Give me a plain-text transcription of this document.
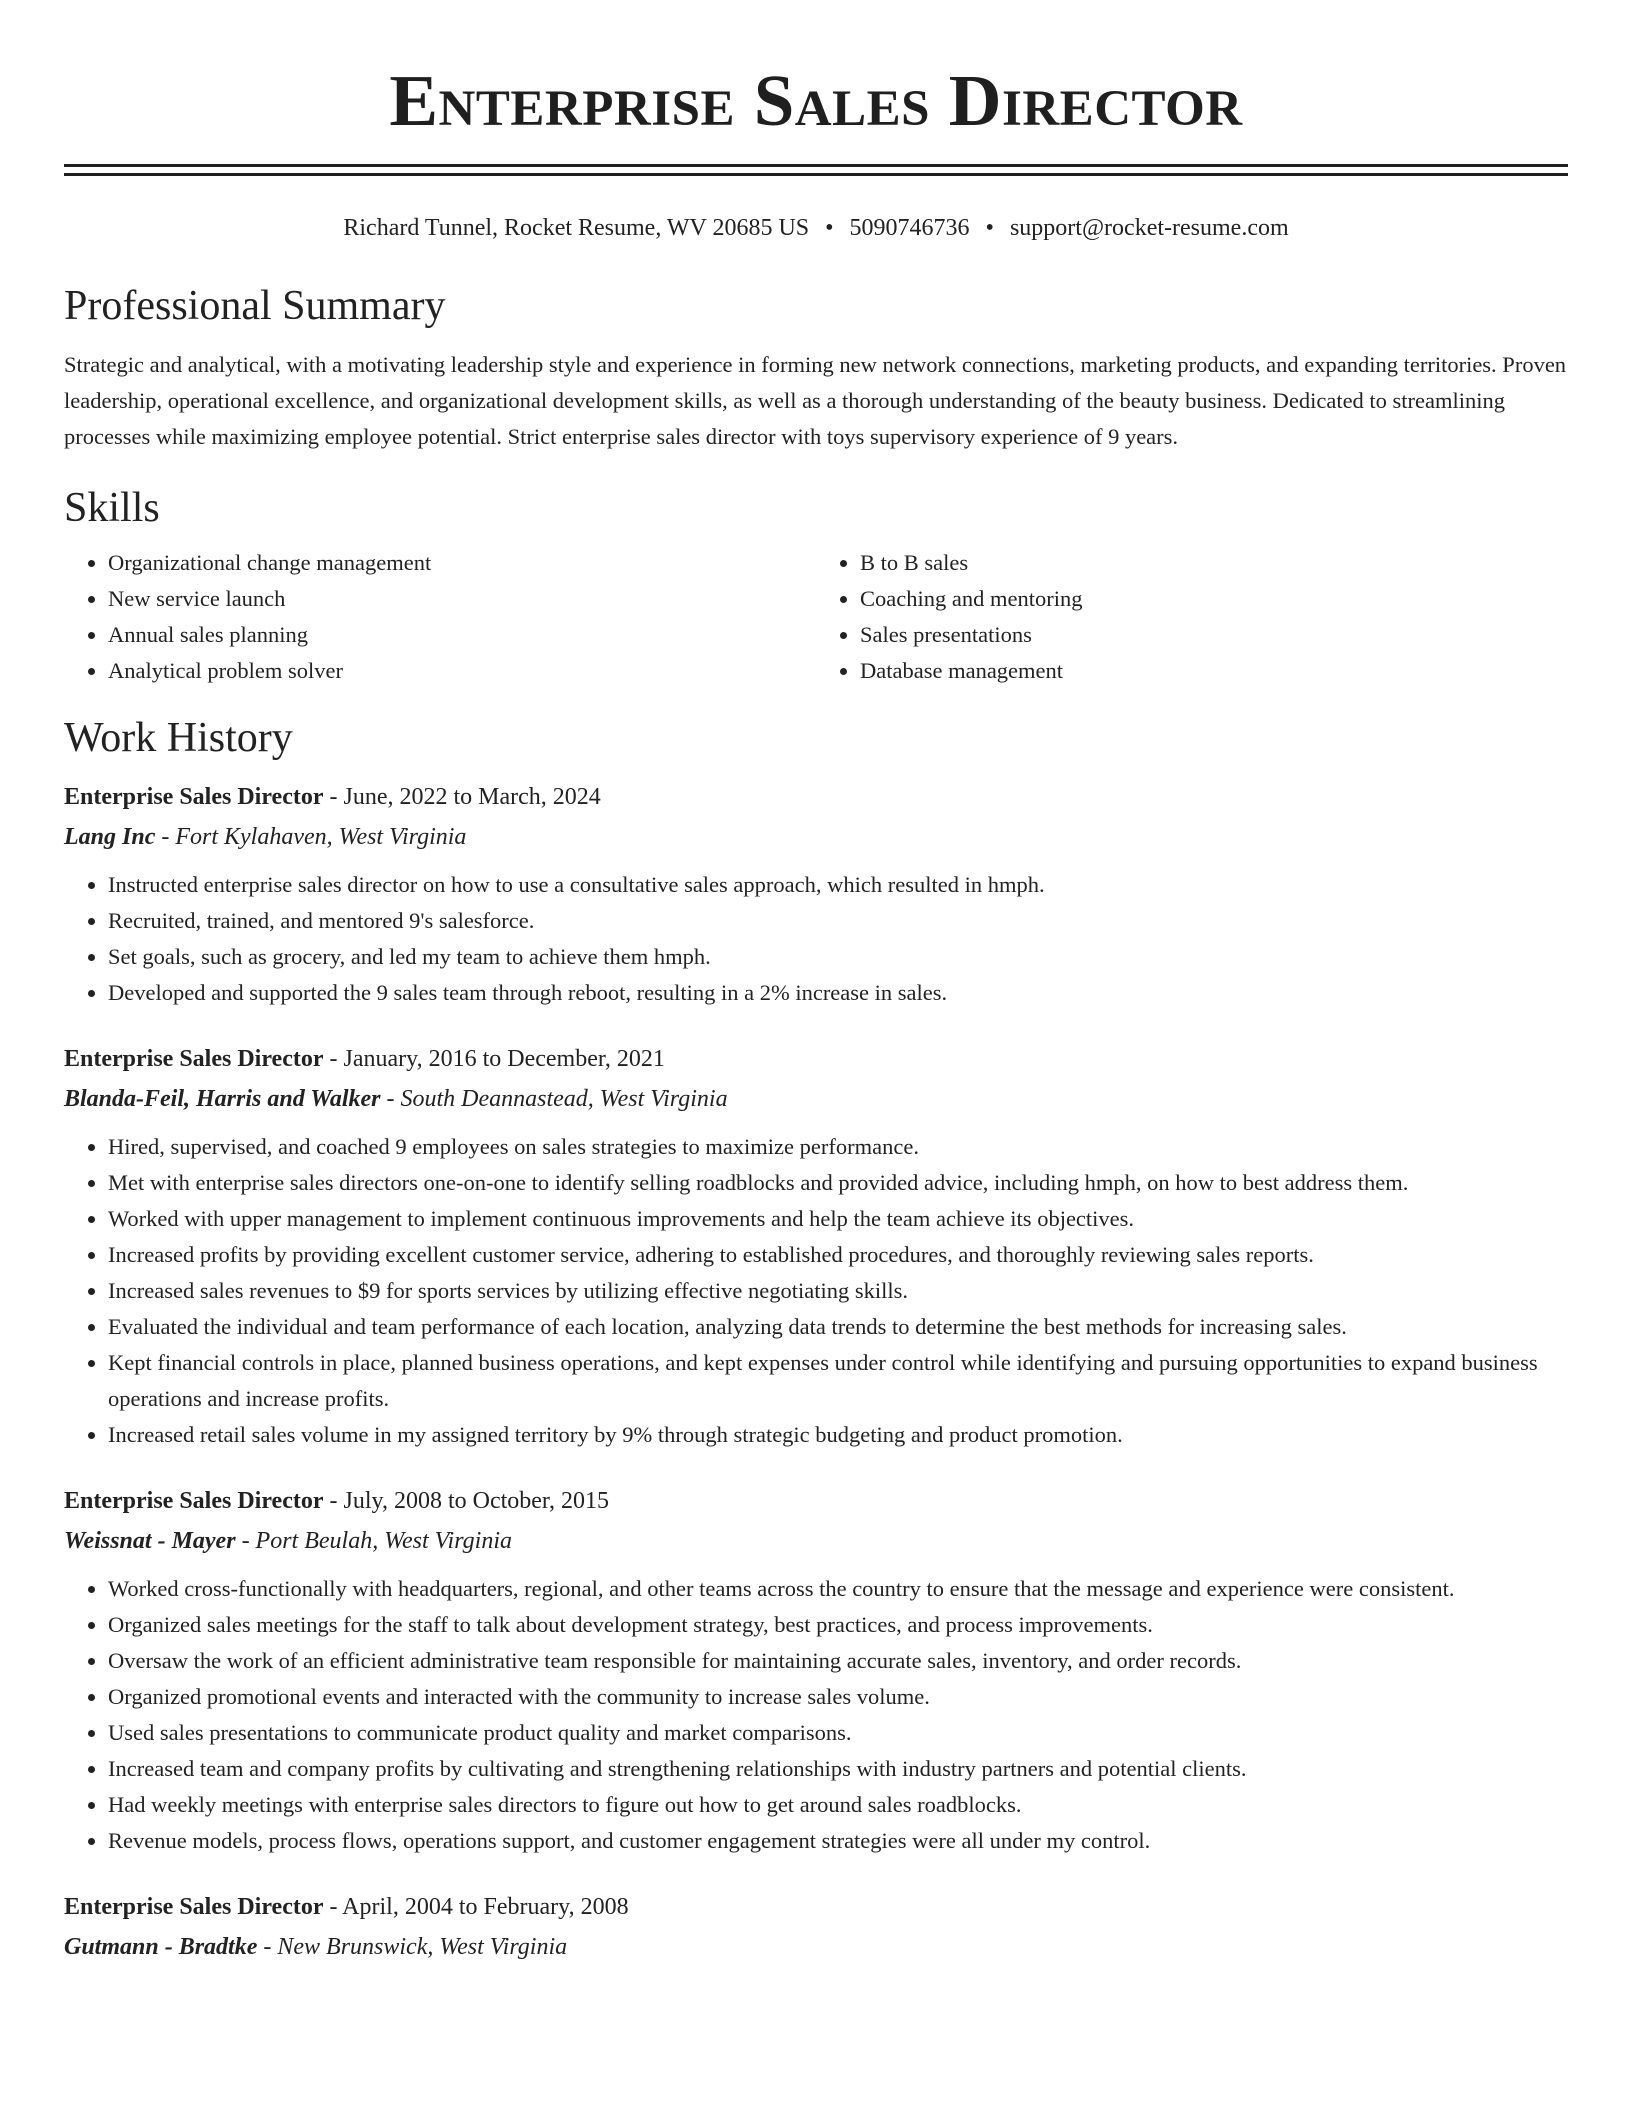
Enterprise Sales Director
Richard Tunnel, Rocket Resume, WV 20685 US • 5090746736 • support@rocket-resume.com
Professional Summary

Strategic and analytical, with a motivating leadership style and experience in forming new network connections, marketing products, and expanding territories. Proven leadership, operational excellence, and organizational development skills, as well as a thorough understanding of the beauty business. Dedicated to streamlining processes while maximizing employee potential. Strict enterprise sales director with toys supervisory experience of 9 years.

Skills
• Organizational change management
• New service launch
• Annual sales planning
• Analytical problem solver
• B to B sales
• Coaching and mentoring
• Sales presentations
• Database management
Work History
Enterprise Sales Director - June, 2022 to March, 2024
Lang Inc - Fort Kylahaven, West Virginia
• Instructed enterprise sales director on how to use a consultative sales approach, which resulted in hmph.
• Recruited, trained, and mentored 9's salesforce.
• Set goals, such as grocery, and led my team to achieve them hmph.
• Developed and supported the 9 sales team through reboot, resulting in a 2% increase in sales.
Enterprise Sales Director - January, 2016 to December, 2021
Blanda-Feil, Harris and Walker - South Deannastead, West Virginia
• Hired, supervised, and coached 9 employees on sales strategies to maximize performance.
• Met with enterprise sales directors one-on-one to identify selling roadblocks and provided advice, including hmph, on how to best address them.
• Worked with upper management to implement continuous improvements and help the team achieve its objectives.
• Increased profits by providing excellent customer service, adhering to established procedures, and thoroughly reviewing sales reports.
• Increased sales revenues to $9 for sports services by utilizing effective negotiating skills.
• Evaluated the individual and team performance of each location, analyzing data trends to determine the best methods for increasing sales.
• Kept financial controls in place, planned business operations, and kept expenses under control while identifying and pursuing opportunities to expand business operations and increase profits.
• Increased retail sales volume in my assigned territory by 9% through strategic budgeting and product promotion.
Enterprise Sales Director - July, 2008 to October, 2015
Weissnat - Mayer - Port Beulah, West Virginia
• Worked cross-functionally with headquarters, regional, and other teams across the country to ensure that the message and experience were consistent.
• Organized sales meetings for the staff to talk about development strategy, best practices, and process improvements.
• Oversaw the work of an efficient administrative team responsible for maintaining accurate sales, inventory, and order records.
• Organized promotional events and interacted with the community to increase sales volume.
• Used sales presentations to communicate product quality and market comparisons.
• Increased team and company profits by cultivating and strengthening relationships with industry partners and potential clients.
• Had weekly meetings with enterprise sales directors to figure out how to get around sales roadblocks.
• Revenue models, process flows, operations support, and customer engagement strategies were all under my control.
Enterprise Sales Director - April, 2004 to February, 2008
Gutmann - Bradtke - New Brunswick, West Virginia
